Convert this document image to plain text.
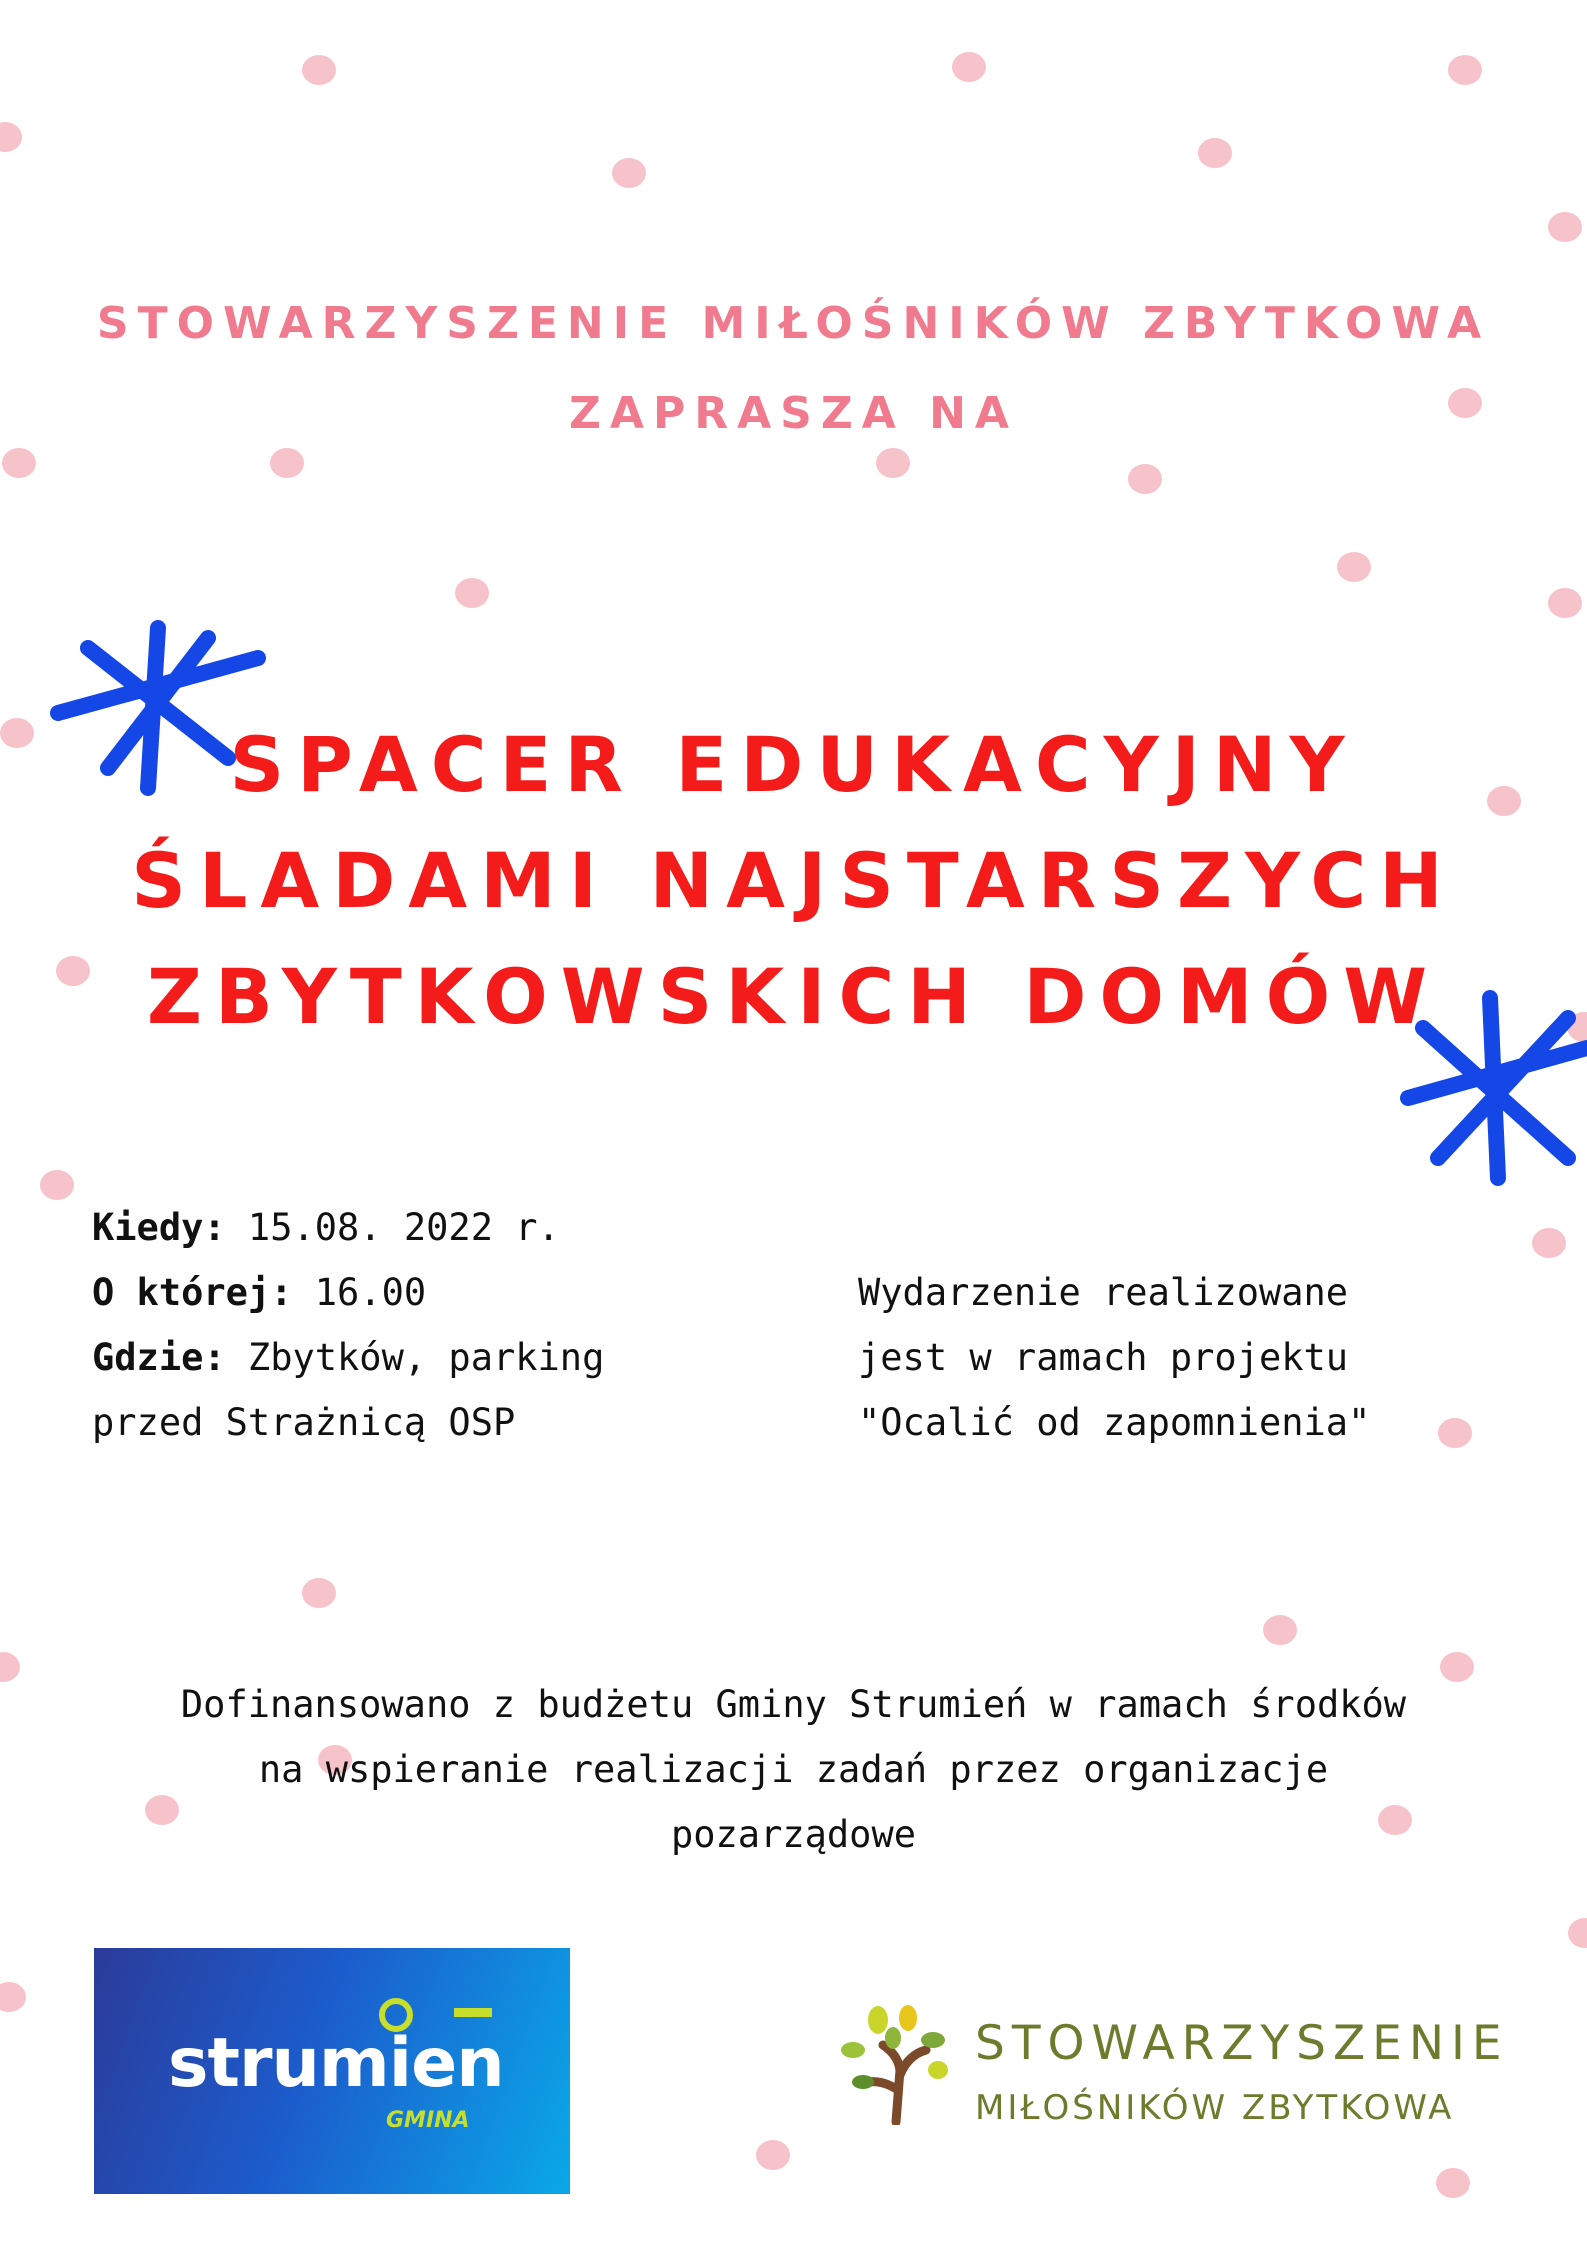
STOWARZYSZENIE MIŁOŚNIKÓW ZBYTKOWA
ZAPRASZA NA
SPACER EDUKACYJNY
ŚLADAMI NAJSTARSZYCH
ZBYTKOWSKICH DOMÓW
Kiedy: 15.08. 2022 r.
O której: 16.00
Gdzie: Zbytków, parking
przed Strażnicą OSP
Wydarzenie realizowane
jest w ramach projektu
"Ocalić od zapomnienia"
Dofinansowano z budżetu Gminy Strumień w ramach środków
na wspieranie realizacji zadań przez organizacje
pozarządowe
strumien
GMINA
STOWARZYSZENIE
MIŁOŚNIKÓW ZBYTKOWA
